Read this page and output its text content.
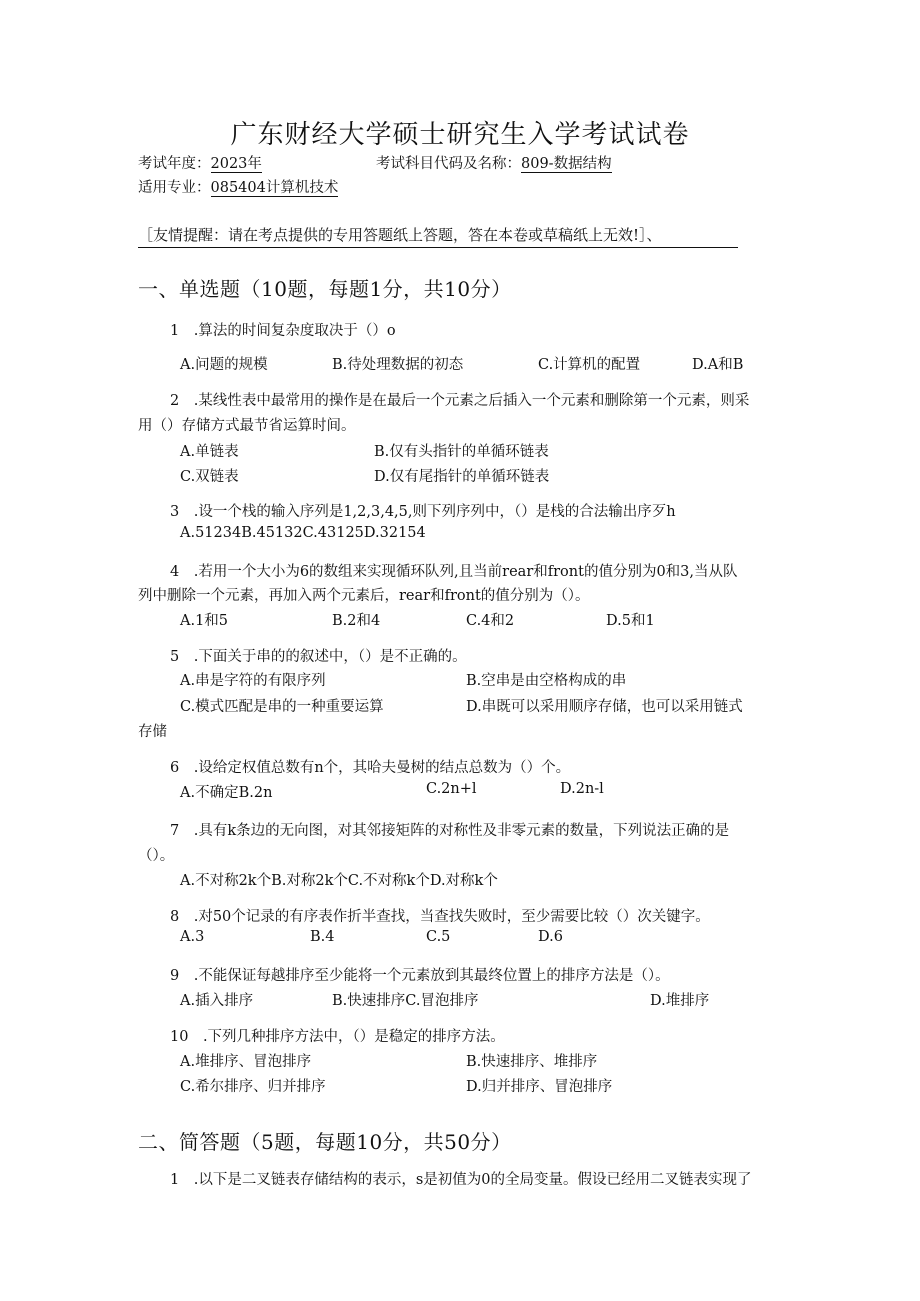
广东财经大学硕士研究生入学考试试卷
考试年度：2023年	考试科目代码及名称：809-数据结构
适用专业：085404计算机技术
［友情提醒：请在考点提供的专用答题纸上答题，答在本卷或草稿纸上无效!］、
一、单选题（10题，每题1分，共10分）
1　.算法的时间复杂度取决于（）o
A.问题的规模	B.待处理数据的初态	C.计算机的配置	D.A和B
2　.某线性表中最常用的操作是在最后一个元素之后插入一个元素和删除第一个元素，则采
用（）存储方式最节省运算时间。
A.单链表	B.仅有头指针的单循环链表
C.双链表	D.仅有尾指针的单循环链表
3　.设一个栈的输入序列是1,2,3,4,5,则下列序列中，（）是栈的合法输出序歹h
A.51234B.45132C.43125D.32154
4　.若用一个大小为6的数组来实现循环队列,且当前rear和front的值分别为0和3,当从队
列中删除一个元素，再加入两个元素后，rear和front的值分别为（）。
A.1和5	B.2和4	C.4和2	D.5和1
5　.下面关于串的的叙述中，（）是不正确的。
A.串是字符的有限序列	B.空串是由空格构成的串
C.模式匹配是串的一种重要运算	D.串既可以采用顺序存储，也可以采用链式
存储
6　.设给定权值总数有n个，其哈夫曼树的结点总数为（）个。
A.不确定B.2n	C.2n+l	D.2n-l
7　.具有k条边的无向图，对其邻接矩阵的对称性及非零元素的数量，下列说法正确的是
（）。
A.不对称2k个B.对称2k个C.不对称k个D.对称k个
8　.对50个记录的有序表作折半查找，当查找失败时，至少需要比较（）次关键字。
A.3	B.4	C.5	D.6
9　.不能保证每越排序至少能将一个元素放到其最终位置上的排序方法是（）。
A.插入排序	B.快速排序C.冒泡排序	D.堆排序
10　.下列几种排序方法中，（）是稳定的排序方法。
A.堆排序、冒泡排序	B.快速排序、堆排序
C.希尔排序、归并排序	D.归并排序、冒泡排序
二、简答题（5题，每题10分，共50分）
1　.以下是二叉链表存储结构的表示，s是初值为0的全局变量。假设已经用二叉链表实现了
